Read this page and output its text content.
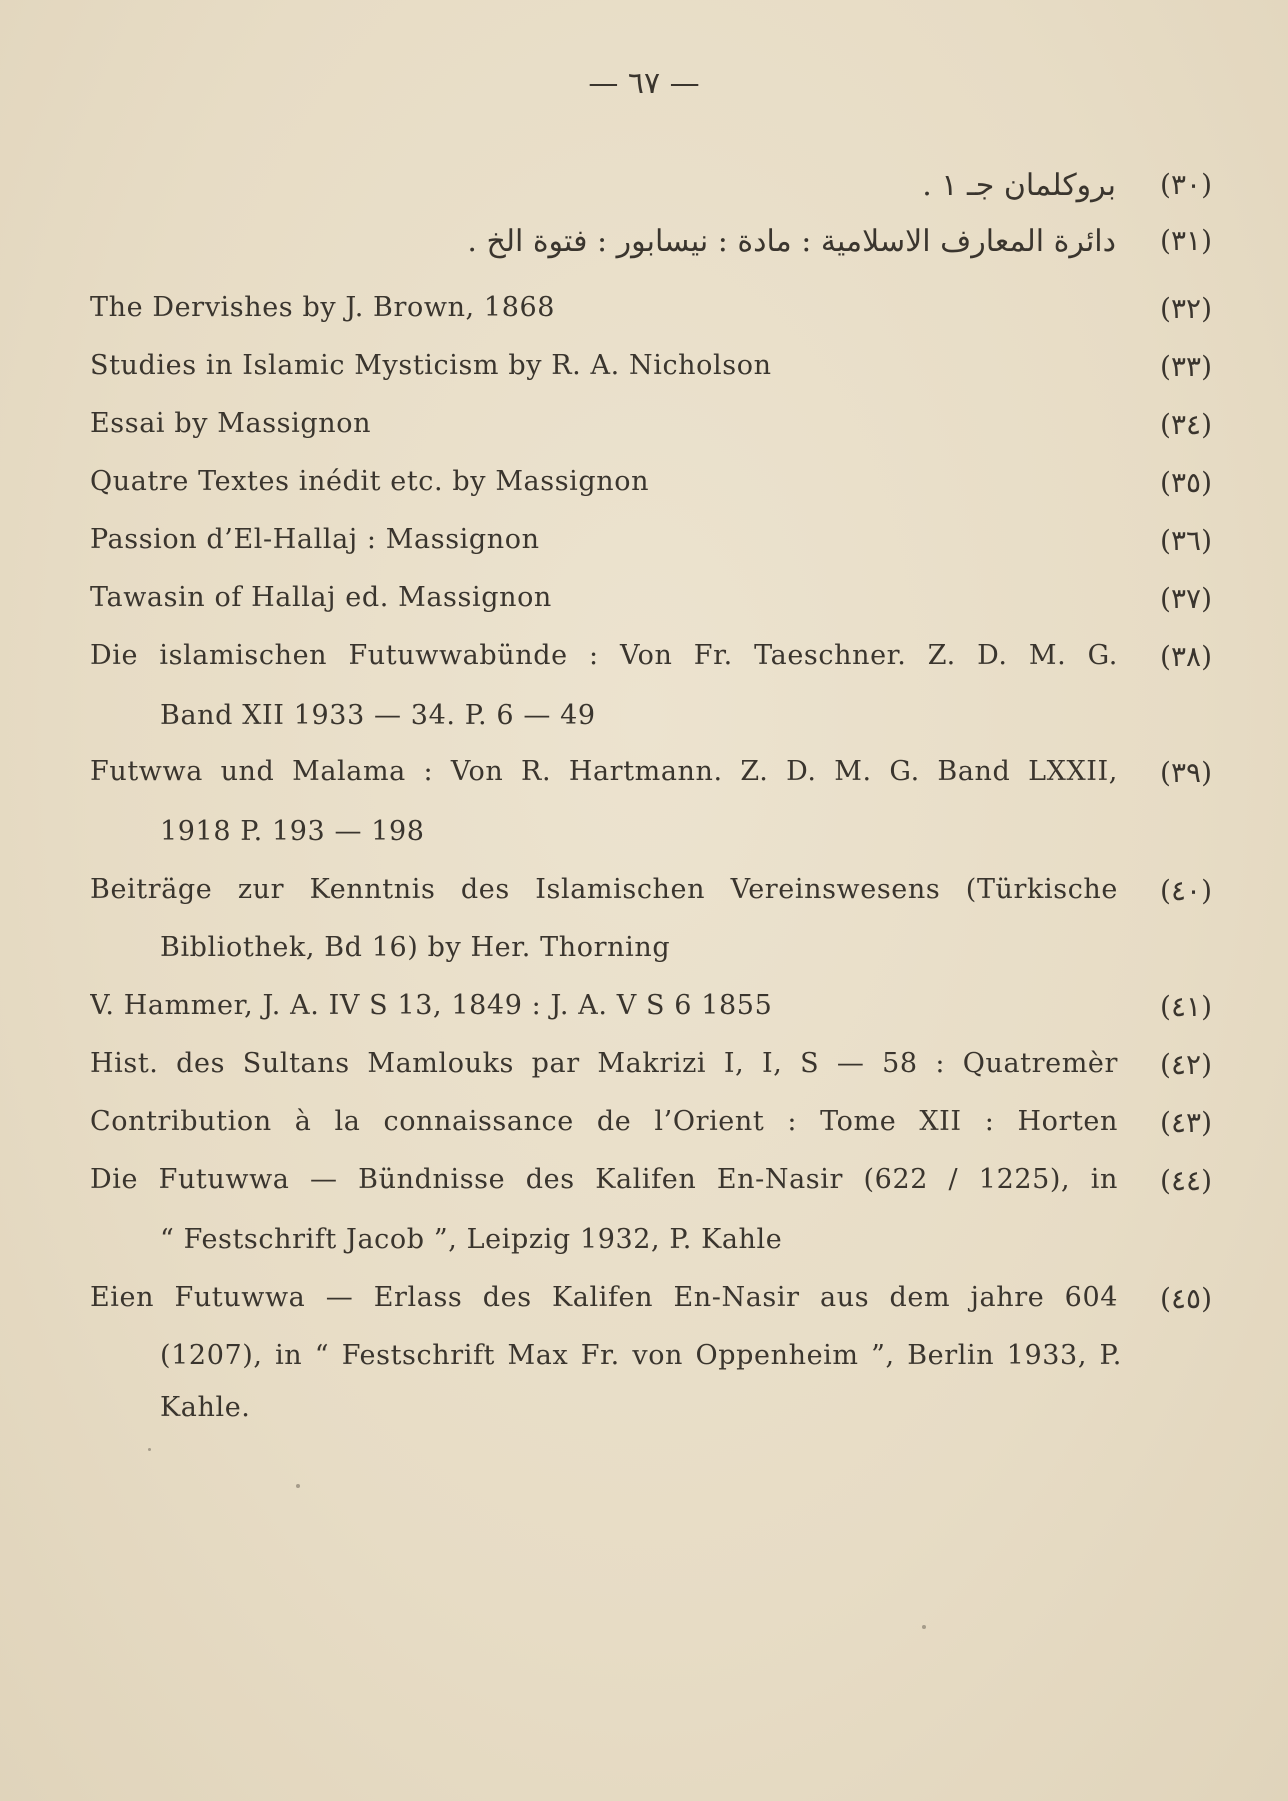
— ٦٧ —
بروكلمان جـ ١ . (٣٠)
دائرة المعارف الاسلامية : مادة : نيسابور : فتوة الخ . (٣١)
The Dervishes by J. Brown, 1868	(٣٢)
Studies in Islamic Mysticism by R. A. Nicholson	(٣٣)
Essai by Massignon	(٣٤)
Quatre Textes inédit etc. by Massignon	(٣٥)
Passion d’El-Hallaj : Massignon	(٣٦)
Tawasin of Hallaj ed. Massignon	(٣٧)
Die islamischen Futuwwabünde : Von Fr. Taeschner. Z. D. M. G. (٣٨)
Band XII 1933 — 34. P. 6 — 49
Futwwa und Malama : Von R. Hartmann. Z. D. M. G. Band LXXII, (٣٩)
1918 P. 193 — 198
Beiträge zur Kenntnis des Islamischen Vereinswesens (Türkische (٤٠)
Bibliothek, Bd 16) by Her. Thorning
V. Hammer, J. A. IV S 13, 1849 : J. A. V S 6 1855	(٤١)
Hist. des Sultans Mamlouks par Makrizi I, I, S — 58 : Quatremèr (٤٢)
Contribution à la connaissance de l’Orient : Tome XII : Horten (٤٣)
Die Futuwwa — Bündnisse des Kalifen En-Nasir (622 / 1225), in (٤٤)
“ Festschrift Jacob ”, Leipzig 1932, P. Kahle
Eien Futuwwa — Erlass des Kalifen En-Nasir aus dem jahre 604 (٤٥)
(1207), in “ Festschrift Max Fr. von Oppenheim ”, Berlin 1933, P.
Kahle.
